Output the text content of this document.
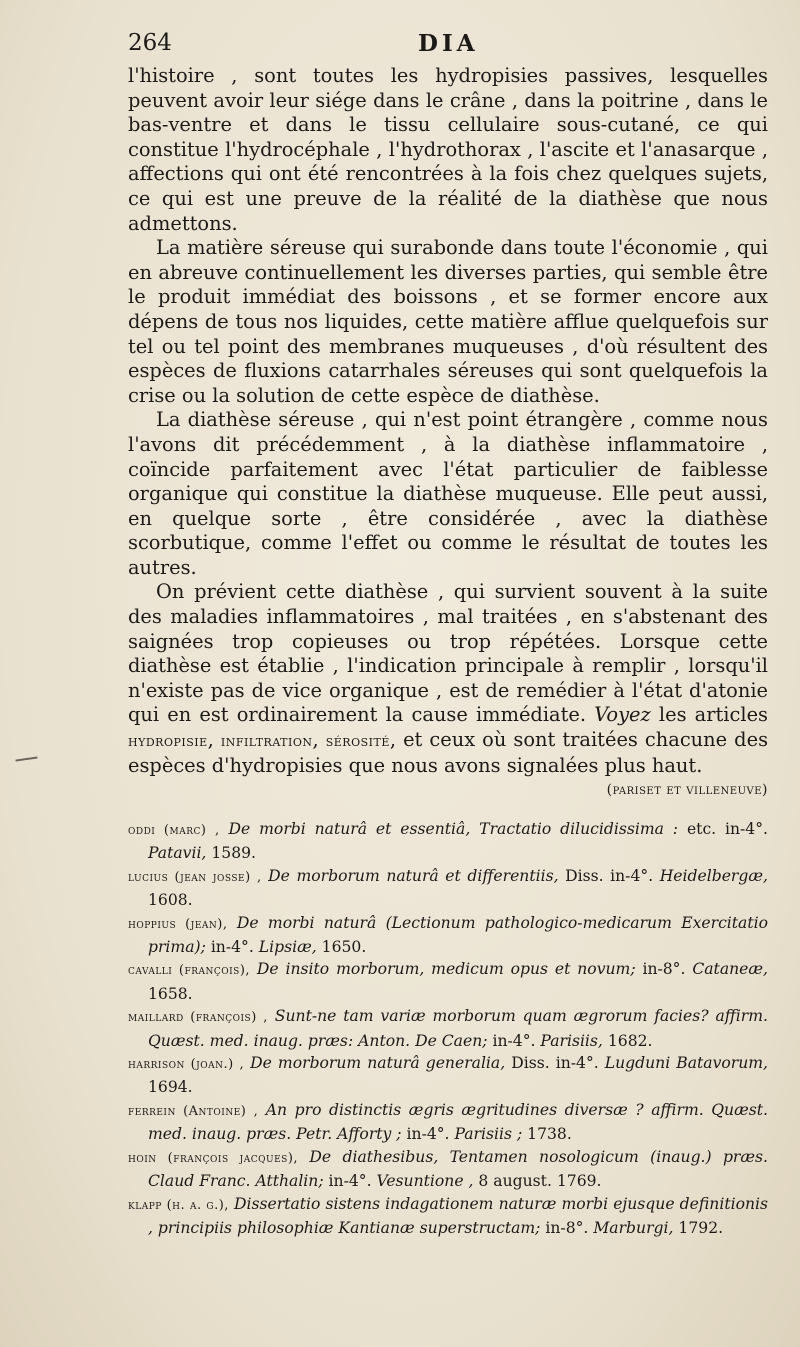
264	DIA

l'histoire , sont toutes les hydropisies passives, lesquelles peuvent avoir leur siége dans le crâne , dans la poitrine , dans le bas-ventre et dans le tissu cellulaire sous-cutané, ce qui constitue l'hydrocéphale , l'hydrothorax , l'ascite et l'anasarque , affections qui ont été rencontrées à la fois chez quelques sujets, ce qui est une preuve de la réalité de la diathèse que nous admettons.

La matière séreuse qui surabonde dans toute l'économie , qui en abreuve continuellement les diverses parties, qui semble être le produit immédiat des boissons , et se former encore aux dépens de tous nos liquides, cette matière afflue quelquefois sur tel ou tel point des membranes muqueuses , d'où résultent des espèces de fluxions catarrhales séreuses qui sont quelquefois la crise ou la solution de cette espèce de diathèse.

La diathèse séreuse , qui n'est point étrangère , comme nous l'avons dit précédemment , à la diathèse inflammatoire , coïncide parfaitement avec l'état particulier de faiblesse organique qui constitue la diathèse muqueuse. Elle peut aussi, en quelque sorte , être considérée , avec la diathèse scorbutique, comme l'effet ou comme le résultat de toutes les autres.

On prévient cette diathèse , qui survient souvent à la suite des maladies inflammatoires , mal traitées , en s'abstenant des saignées trop copieuses ou trop répétées. Lorsque cette diathèse est établie , l'indication principale à remplir , lorsqu'il n'existe pas de vice organique , est de remédier à l'état d'atonie qui en est ordinairement la cause immédiate. Voyez les articles hydropisie, infiltration, sérosité, et ceux où sont traitées chacune des espèces d'hydropisies que nous avons signalées plus haut.
(pariset et villeneuve)

oddi (marc) , De morbi naturâ et essentiâ, Tractatio dilucidissima : etc. in-4°. Patavii, 1589.

lucius (jean josse) , De morborum naturâ et differentiis, Diss. in-4°. Heidelbergæ, 1608.

hoppius (jean), De morbi naturâ (Lectionum pathologico-medicarum Exercitatio prima); in-4°. Lipsiæ, 1650.

cavalli (françois), De insito morborum, medicum opus et novum; in-8°. Cataneæ, 1658.

maillard (françois) , Sunt-ne tam variæ morborum quam ægrorum facies? affirm. Quæst. med. inaug. præs: Anton. De Caen; in-4°. Parisiis, 1682.

harrison (joan.) , De morborum naturâ generalia, Diss. in-4°. Lugduni Batavorum, 1694.

ferrein (Antoine) , An pro distinctis ægris ægritudines diversæ ? affirm. Quæst. med. inaug. præs. Petr. Afforty ; in-4°. Parisiis ; 1738.

hoin (françois jacques), De diathesibus, Tentamen nosologicum (inaug.) præs. Claud Franc. Atthalin; in-4°. Vesuntione , 8 august. 1769.

klapp (h. a. g.), Dissertatio sistens indagationem naturæ morbi ejusque definitionis , principiis philosophiæ Kantianæ superstructam; in-8°. Marburgi, 1792.
